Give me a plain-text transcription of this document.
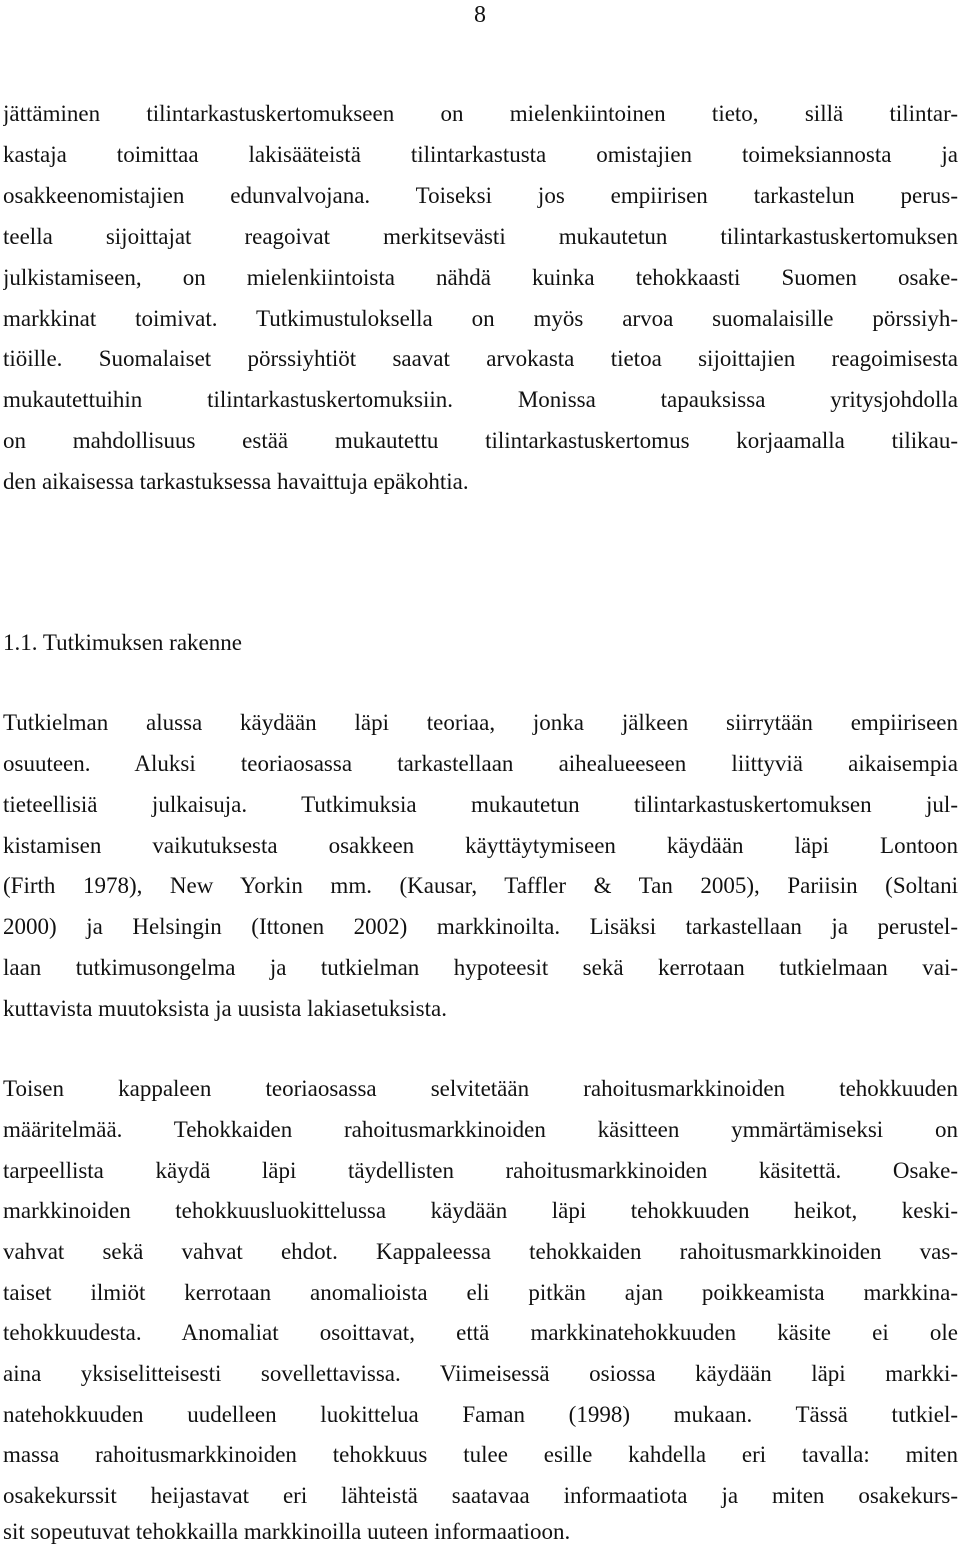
8
jättäminen tilintarkastuskertomukseen on mielenkiintoinen tieto, sillä tilintar-
kastaja toimittaa lakisääteistä tilintarkastusta omistajien toimeksiannosta ja
osakkeenomistajien edunvalvojana. Toiseksi jos empiirisen tarkastelun perus-
teella sijoittajat reagoivat merkitsevästi mukautetun tilintarkastuskertomuksen
julkistamiseen, on mielenkiintoista nähdä kuinka tehokkaasti Suomen osake-
markkinat toimivat. Tutkimustuloksella on myös arvoa suomalaisille pörssiyh-
tiöille. Suomalaiset pörssiyhtiöt saavat arvokasta tietoa sijoittajien reagoimisesta
mukautettuihin tilintarkastuskertomuksiin. Monissa tapauksissa yritysjohdolla
on mahdollisuus estää mukautettu tilintarkastuskertomus korjaamalla tilikau-
den aikaisessa tarkastuksessa havaittuja epäkohtia.
1.1. Tutkimuksen rakenne
Tutkielman alussa käydään läpi teoriaa, jonka jälkeen siirrytään empiiriseen
osuuteen. Aluksi teoriaosassa tarkastellaan aihealueeseen liittyviä aikaisempia
tieteellisiä julkaisuja. Tutkimuksia mukautetun tilintarkastuskertomuksen jul-
kistamisen vaikutuksesta osakkeen käyttäytymiseen käydään läpi Lontoon
(Firth 1978), New Yorkin mm. (Kausar, Taffler & Tan 2005), Pariisin (Soltani
2000) ja Helsingin (Ittonen 2002) markkinoilta. Lisäksi tarkastellaan ja perustel-
laan tutkimusongelma ja tutkielman hypoteesit sekä kerrotaan tutkielmaan vai-
kuttavista muutoksista ja uusista lakiasetuksista.
Toisen kappaleen teoriaosassa selvitetään rahoitusmarkkinoiden tehokkuuden
määritelmää. Tehokkaiden rahoitusmarkkinoiden käsitteen ymmärtämiseksi on
tarpeellista käydä läpi täydellisten rahoitusmarkkinoiden käsitettä. Osake-
markkinoiden tehokkuusluokittelussa käydään läpi tehokkuuden heikot, keski-
vahvat sekä vahvat ehdot. Kappaleessa tehokkaiden rahoitusmarkkinoiden vas-
taiset ilmiöt kerrotaan anomalioista eli pitkän ajan poikkeamista markkina-
tehokkuudesta. Anomaliat osoittavat, että markkinatehokkuuden käsite ei ole
aina yksiselitteisesti sovellettavissa. Viimeisessä osiossa käydään läpi markki-
natehokkuuden uudelleen luokittelua Faman (1998) mukaan. Tässä tutkiel-
massa rahoitusmarkkinoiden tehokkuus tulee esille kahdella eri tavalla: miten
osakekurssit heijastavat eri lähteistä saatavaa informaatiota ja miten osakekurs-
sit sopeutuvat tehokkailla markkinoilla uuteen informaatioon.
